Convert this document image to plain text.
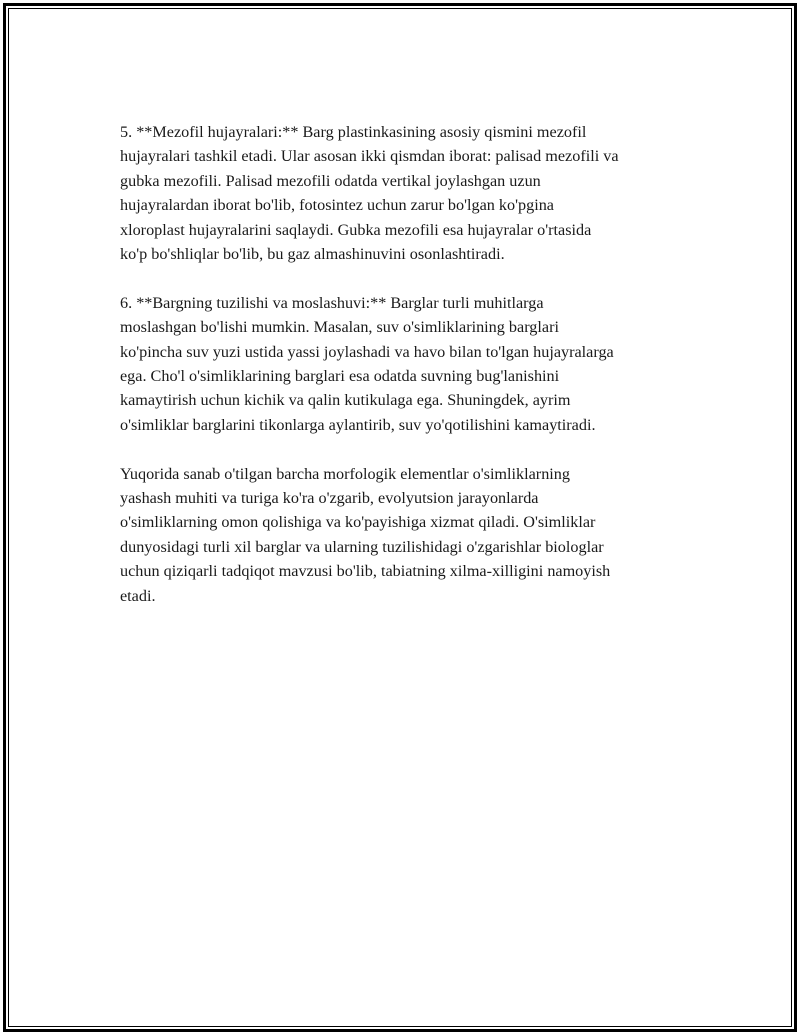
5. **Mezofil hujayralari:** Barg plastinkasining asosiy qismini mezofil
hujayralari tashkil etadi. Ular asosan ikki qismdan iborat: palisad mezofili va
gubka mezofili. Palisad mezofili odatda vertikal joylashgan uzun
hujayralardan iborat bo'lib, fotosintez uchun zarur bo'lgan ko'pgina
xloroplast hujayralarini saqlaydi. Gubka mezofili esa hujayralar o'rtasida
ko'p bo'shliqlar bo'lib, bu gaz almashinuvini osonlashtiradi.

6. **Bargning tuzilishi va moslashuvi:** Barglar turli muhitlarga
moslashgan bo'lishi mumkin. Masalan, suv o'simliklarining barglari
ko'pincha suv yuzi ustida yassi joylashadi va havo bilan to'lgan hujayralarga
ega. Cho'l o'simliklarining barglari esa odatda suvning bug'lanishini
kamaytirish uchun kichik va qalin kutikulaga ega. Shuningdek, ayrim
o'simliklar barglarini tikonlarga aylantirib, suv yo'qotilishini kamaytiradi.

Yuqorida sanab o'tilgan barcha morfologik elementlar o'simliklarning
yashash muhiti va turiga ko'ra o'zgarib, evolyutsion jarayonlarda
o'simliklarning omon qolishiga va ko'payishiga xizmat qiladi. O'simliklar
dunyosidagi turli xil barglar va ularning tuzilishidagi o'zgarishlar biologlar
uchun qiziqarli tadqiqot mavzusi bo'lib, tabiatning xilma-xilligini namoyish
etadi.
